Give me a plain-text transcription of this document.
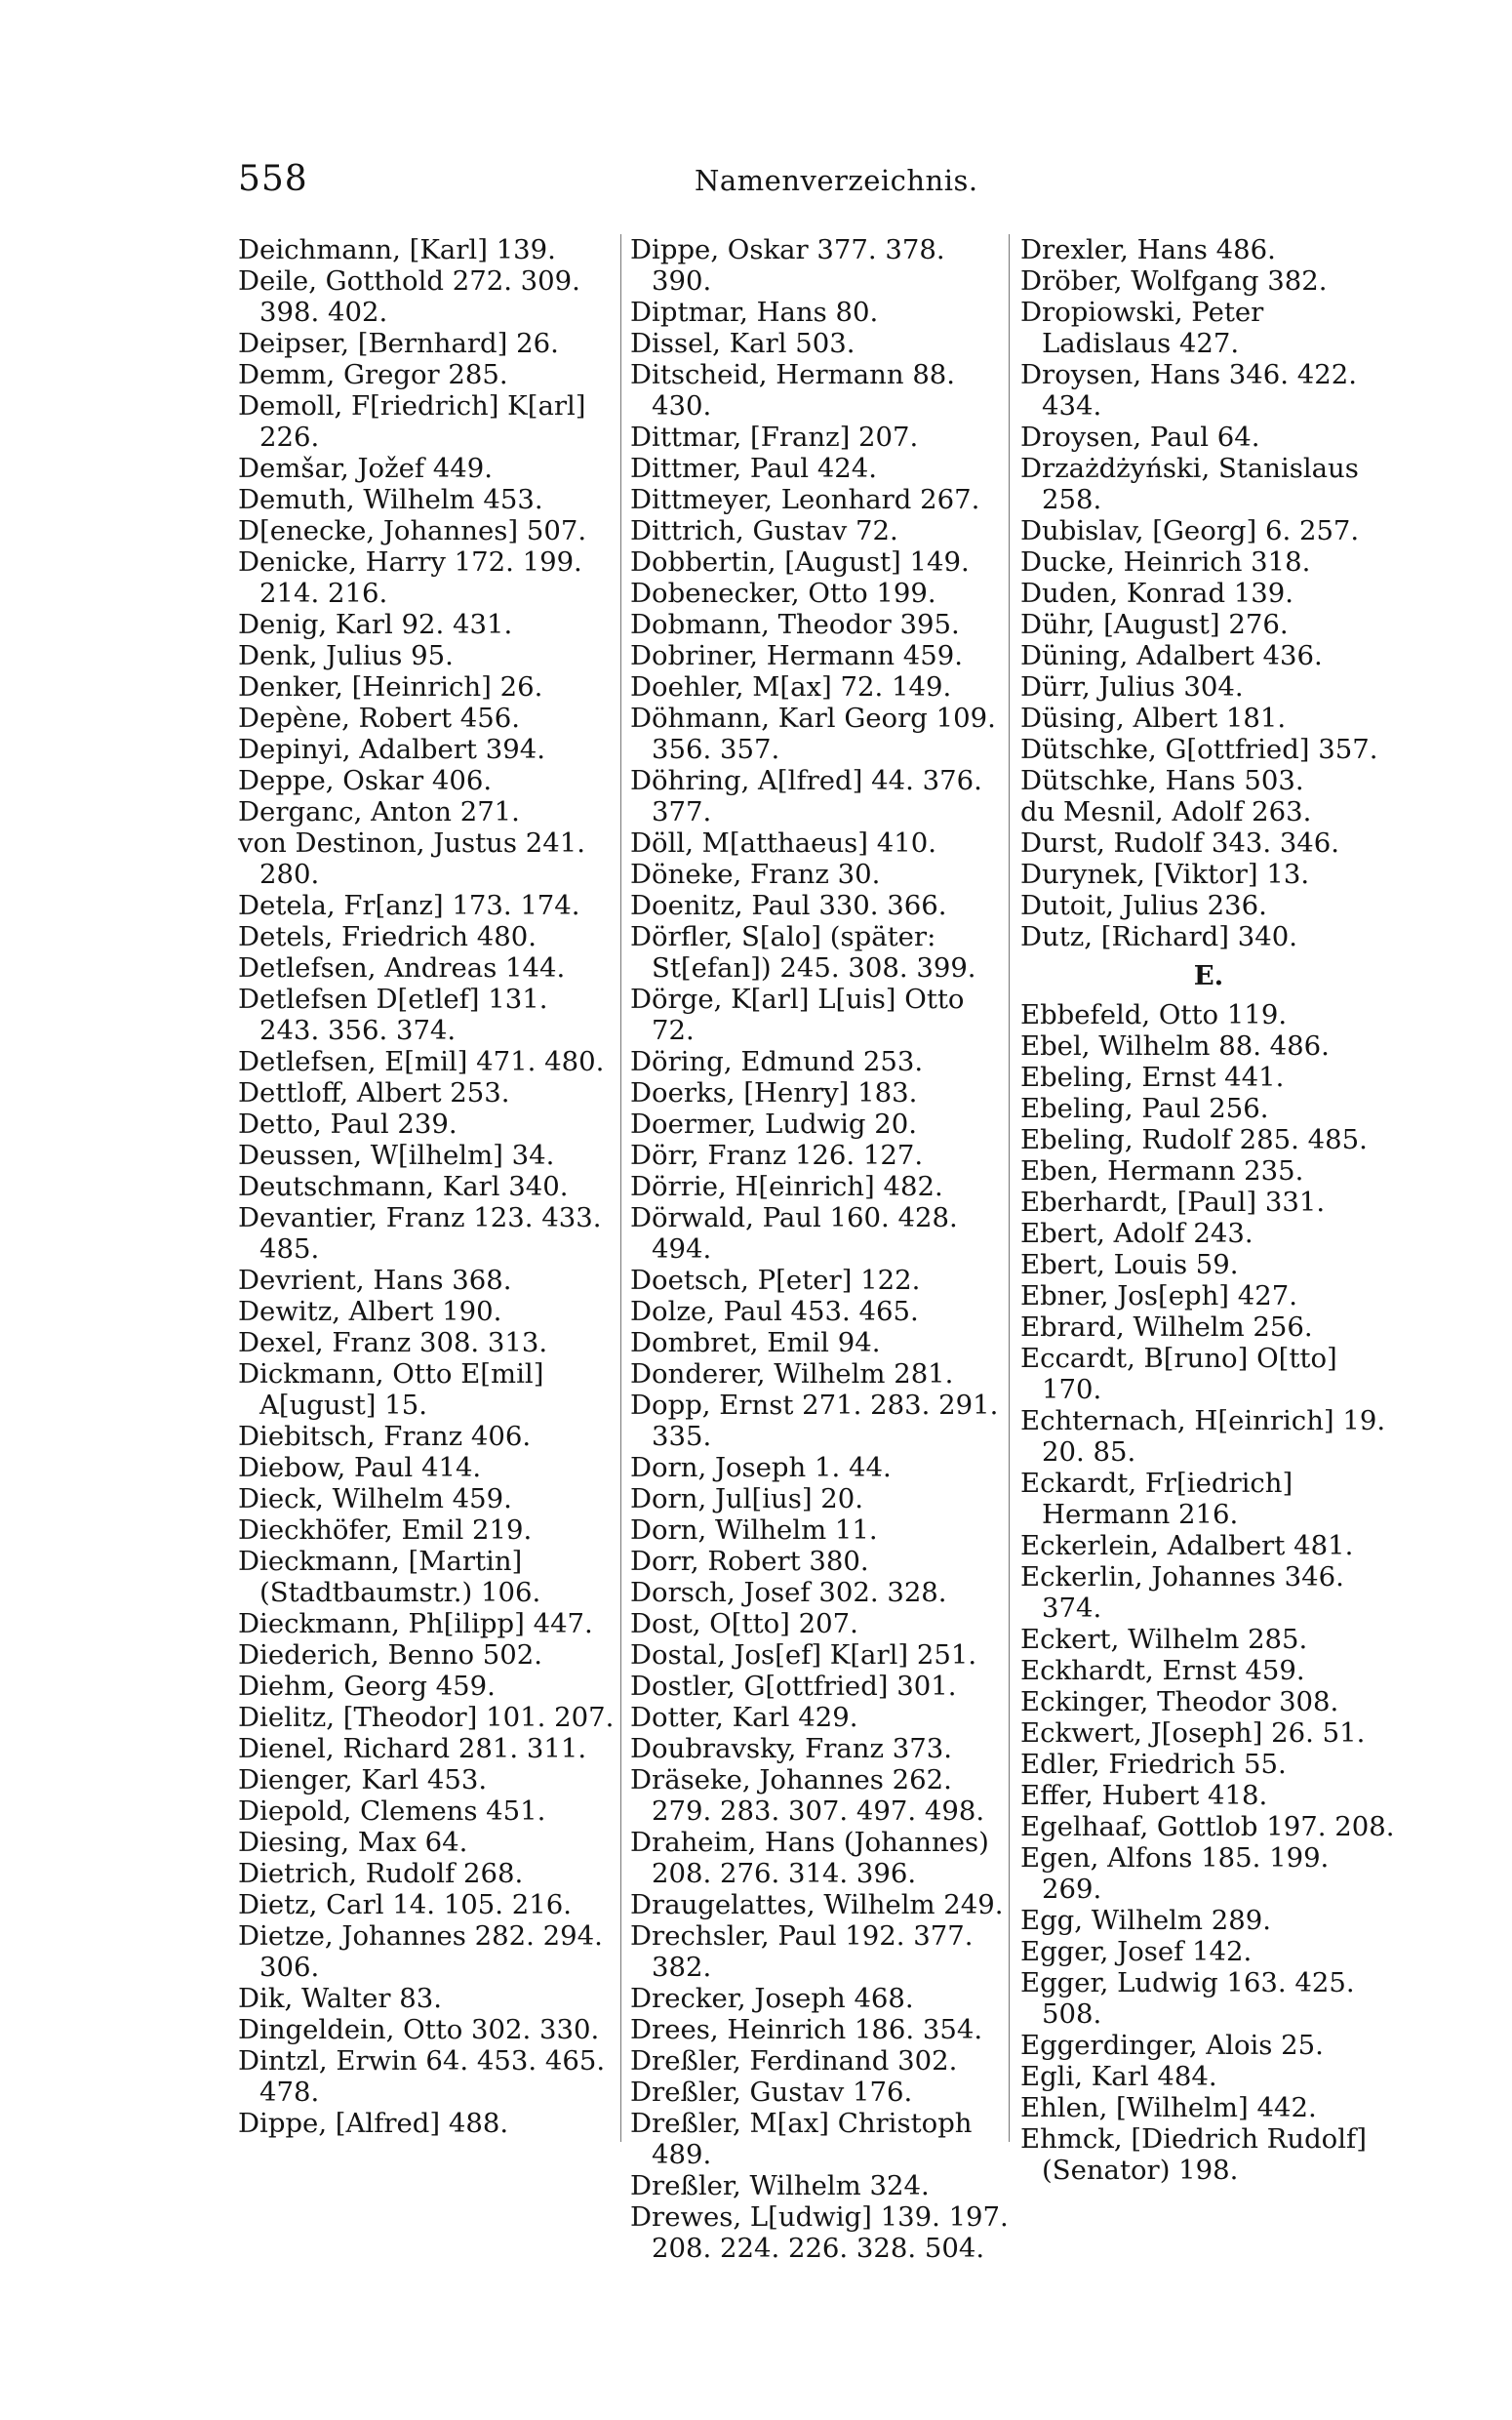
558	Namenverzeichnis.

Deichmann, [Karl] 139.

Deile, Gotthold 272. 309. 398. 402.

Deipser, [Bernhard] 26.

Demm, Gregor 285.

Demoll, F[riedrich] K[arl] 226.

Demšar, Jožef 449.

Demuth, Wilhelm 453.

D[enecke, Johannes] 507.

Denicke, Harry 172. 199. 214. 216.

Denig, Karl 92. 431.

Denk, Julius 95.

Denker, [Heinrich] 26.

Depène, Robert 456.

Depinyi, Adalbert 394.

Deppe, Oskar 406.

Derganc, Anton 271.

von Destinon, Justus 241. 280.

Detela, Fr[anz] 173. 174.

Detels, Friedrich 480.

Detlefsen, Andreas 144.

Detlefsen D[etlef] 131. 243. 356. 374.

Detlefsen, E[mil] 471. 480.

Dettloff, Albert 253.

Detto, Paul 239.

Deussen, W[ilhelm] 34.

Deutschmann, Karl 340.

Devantier, Franz 123. 433. 485.

Devrient, Hans 368.

Dewitz, Albert 190.

Dexel, Franz 308. 313.

Dickmann, Otto E[mil] A[ugust] 15.

Diebitsch, Franz 406.

Diebow, Paul 414.

Dieck, Wilhelm 459.

Dieckhöfer, Emil 219.

Dieckmann, [Martin](Stadtbaumstr.) 106.

Dieckmann, Ph[ilipp] 447.

Diederich, Benno 502.

Diehm, Georg 459.

Dielitz, [Theodor] 101. 207.

Dienel, Richard 281. 311.

Dienger, Karl 453.

Diepold, Clemens 451.

Diesing, Max 64.

Dietrich, Rudolf 268.

Dietz, Carl 14. 105. 216.

Dietze, Johannes 282. 294. 306.

Dik, Walter 83.

Dingeldein, Otto 302. 330.

Dintzl, Erwin 64. 453. 465. 478.

Dippe, [Alfred] 488.

Dippe, Oskar 377. 378. 390.

Diptmar, Hans 80.

Dissel, Karl 503.

Ditscheid, Hermann 88. 430.

Dittmar, [Franz] 207.

Dittmer, Paul 424.

Dittmeyer, Leonhard 267.

Dittrich, Gustav 72.

Dobbertin, [August] 149.

Dobenecker, Otto 199.

Dobmann, Theodor 395.

Dobriner, Hermann 459.

Doehler, M[ax] 72. 149.

Döhmann, Karl Georg 109. 356. 357.

Döhring, A[lfred] 44. 376. 377.

Döll, M[atthaeus] 410.

Döneke, Franz 30.

Doenitz, Paul 330. 366.

Dörfler, S[alo] (später: St[efan]) 245. 308. 399.

Dörge, K[arl] L[uis] Otto 72.

Döring, Edmund 253.

Doerks, [Henry] 183.

Doermer, Ludwig 20.

Dörr, Franz 126. 127.

Dörrie, H[einrich] 482.

Dörwald, Paul 160. 428. 494.

Doetsch, P[eter] 122.

Dolze, Paul 453. 465.

Dombret, Emil 94.

Donderer, Wilhelm 281.

Dopp, Ernst 271. 283. 291. 335.

Dorn, Joseph 1. 44.

Dorn, Jul[ius] 20.

Dorn, Wilhelm 11.

Dorr, Robert 380.

Dorsch, Josef 302. 328.

Dost, O[tto] 207.

Dostal, Jos[ef] K[arl] 251.

Dostler, G[ottfried] 301.

Dotter, Karl 429.

Doubravsky, Franz 373.

Dräseke, Johannes 262. 279. 283. 307. 497. 498.

Draheim, Hans (Johannes) 208. 276. 314. 396.

Draugelattes, Wilhelm 249.

Drechsler, Paul 192. 377. 382.

Drecker, Joseph 468.

Drees, Heinrich 186. 354.

Dreßler, Ferdinand 302.

Dreßler, Gustav 176.

Dreßler, M[ax] Christoph 489.

Dreßler, Wilhelm 324.

Drewes, L[udwig] 139. 197. 208. 224. 226. 328. 504.

Drexler, Hans 486.

Dröber, Wolfgang 382.

Dropiowski, Peter Ladislaus 427.

Droysen, Hans 346. 422. 434.

Droysen, Paul 64.

Drzażdżyński, Stanislaus 258.

Dubislav, [Georg] 6. 257.

Ducke, Heinrich 318.

Duden, Konrad 139.

Dühr, [August] 276.

Düning, Adalbert 436.

Dürr, Julius 304.

Düsing, Albert 181.

Dütschke, G[ottfried] 357.

Dütschke, Hans 503.

du Mesnil, Adolf 263.

Durst, Rudolf 343. 346.

Durynek, [Viktor] 13.

Dutoit, Julius 236.

Dutz, [Richard] 340.

E.

Ebbefeld, Otto 119.

Ebel, Wilhelm 88. 486.

Ebeling, Ernst 441.

Ebeling, Paul 256.

Ebeling, Rudolf 285. 485.

Eben, Hermann 235.

Eberhardt, [Paul] 331.

Ebert, Adolf 243.

Ebert, Louis 59.

Ebner, Jos[eph] 427.

Ebrard, Wilhelm 256.

Eccardt, B[runo] O[tto] 170.

Echternach, H[einrich] 19. 20. 85.

Eckardt, Fr[iedrich] Hermann 216.

Eckerlein, Adalbert 481.

Eckerlin, Johannes 346. 374.

Eckert, Wilhelm 285.

Eckhardt, Ernst 459.

Eckinger, Theodor 308.

Eckwert, J[oseph] 26. 51.

Edler, Friedrich 55.

Effer, Hubert 418.

Egelhaaf, Gottlob 197. 208.

Egen, Alfons 185. 199. 269.

Egg, Wilhelm 289.

Egger, Josef 142.

Egger, Ludwig 163. 425. 508.

Eggerdinger, Alois 25.

Egli, Karl 484.

Ehlen, [Wilhelm] 442.

Ehmck, [Diedrich Rudolf] (Senator) 198.
